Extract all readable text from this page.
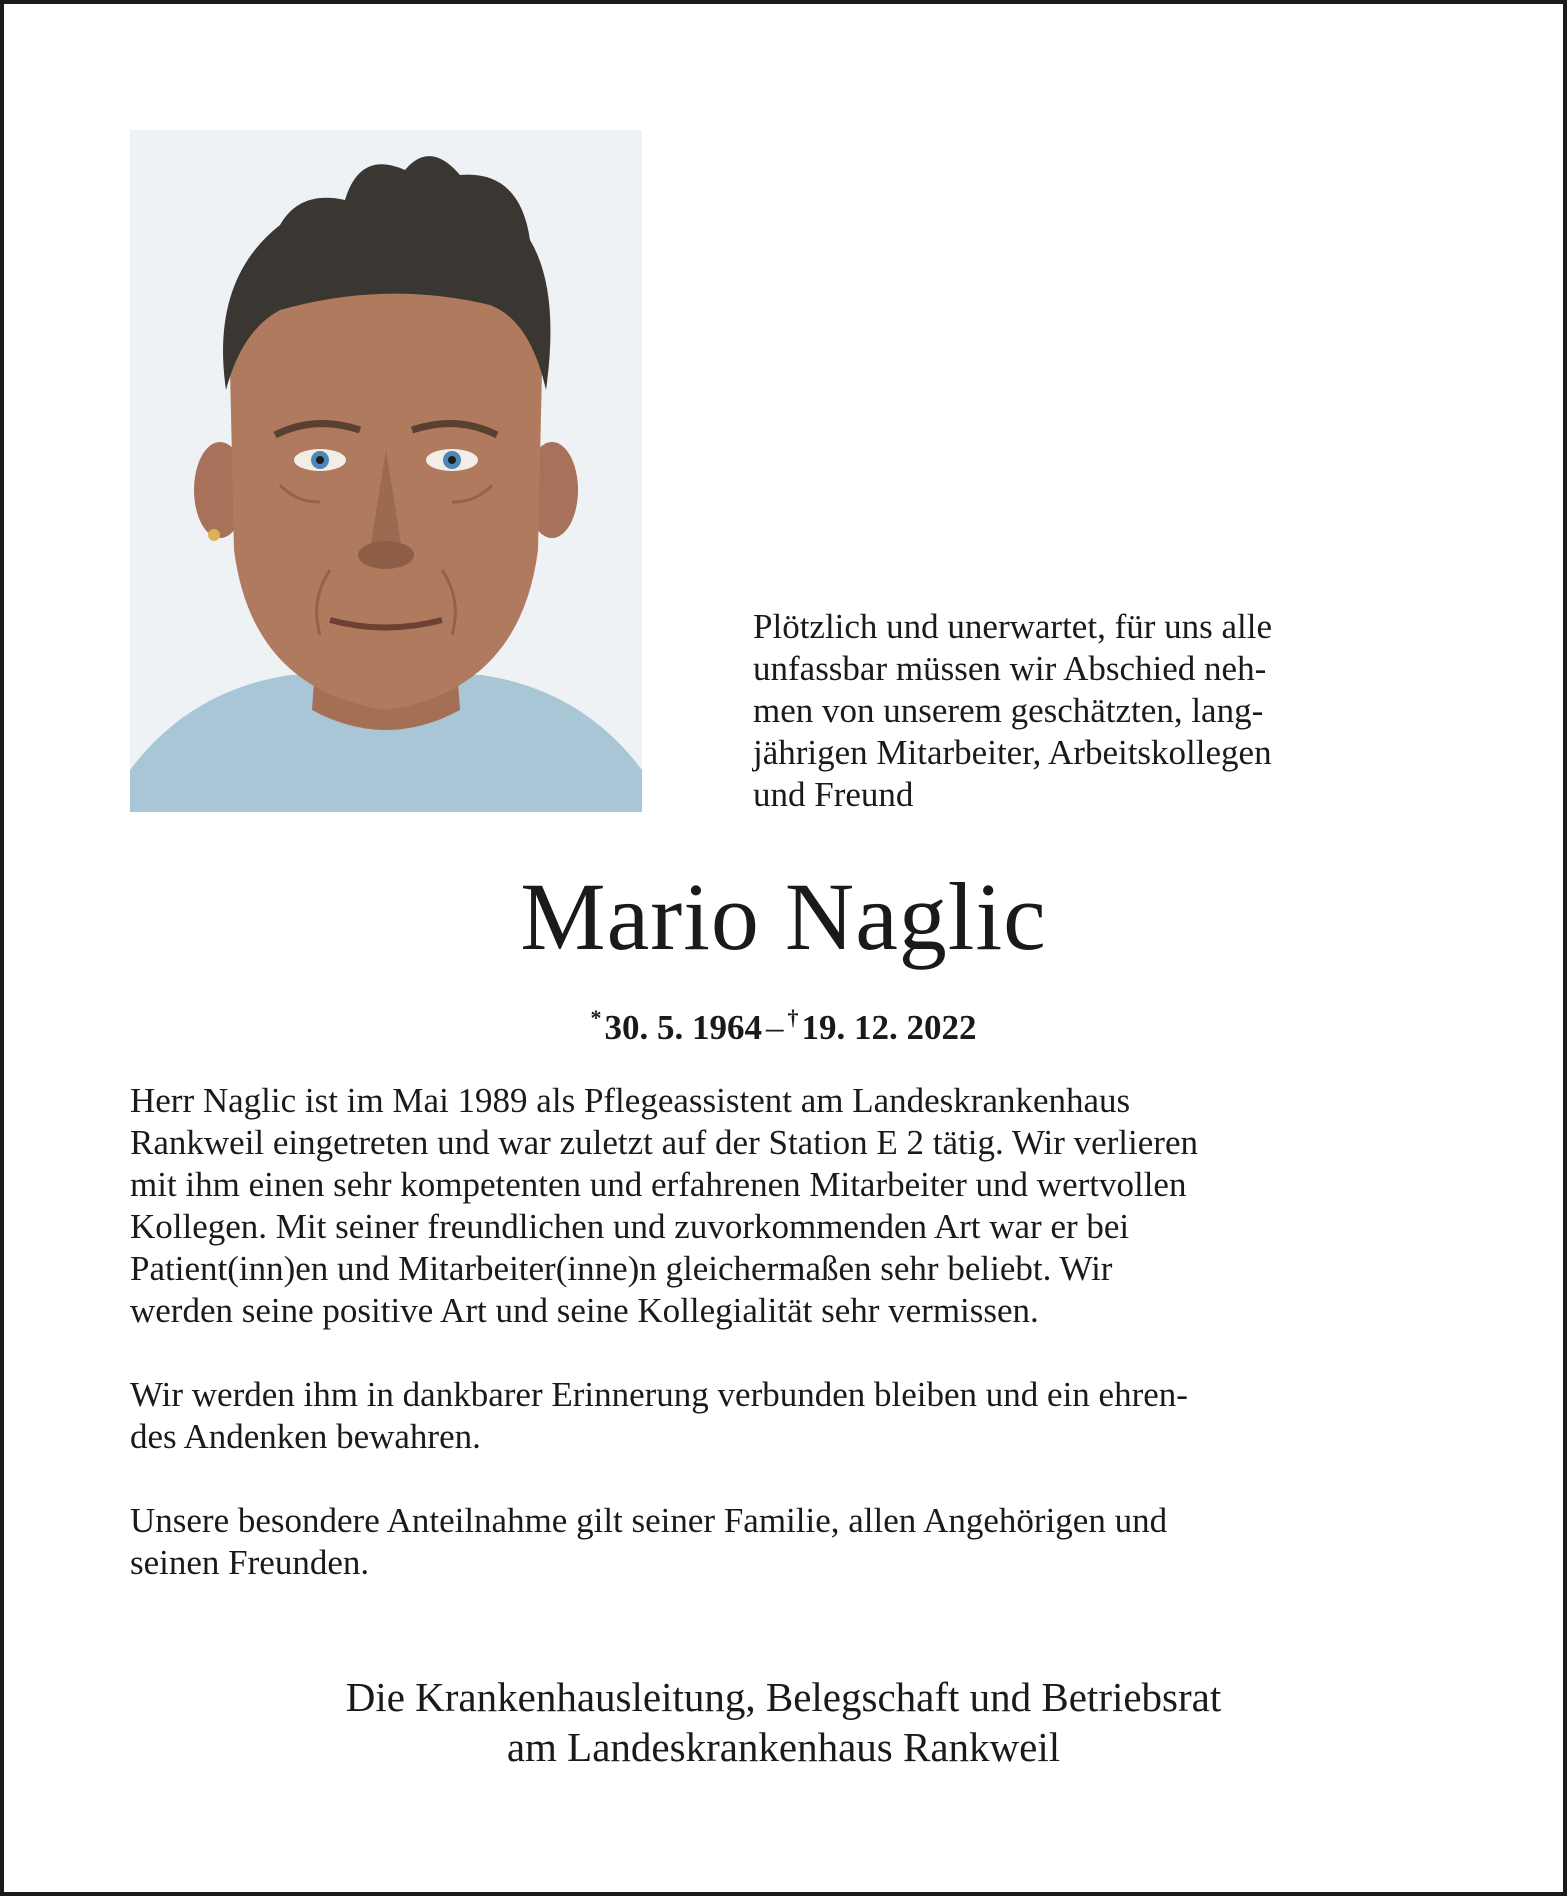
Plötzlich und unerwartet, für uns alle
unfassbar müssen wir Abschied neh-
men von unserem geschätzten, lang-
jährigen Mitarbeiter, Arbeitskollegen
und Freund
Mario Naglic
*30. 5. 1964 – †19. 12. 2022
Herr Naglic ist im Mai 1989 als Pflegeassistent am Landeskrankenhaus
Rankweil eingetreten und war zuletzt auf der Station E 2 tätig. Wir verlieren
mit ihm einen sehr kompetenten und erfahrenen Mitarbeiter und wertvollen
Kollegen. Mit seiner freundlichen und zuvorkommenden Art war er bei
Patient(inn)en und Mitarbeiter(inne)n gleichermaßen sehr beliebt. Wir
werden seine positive Art und seine Kollegialität sehr vermissen.
Wir werden ihm in dankbarer Erinnerung verbunden bleiben und ein ehren-
des Andenken bewahren.
Unsere besondere Anteilnahme gilt seiner Familie, allen Angehörigen und
seinen Freunden.
Die Krankenhausleitung, Belegschaft und Betriebsrat
am Landeskrankenhaus Rankweil
